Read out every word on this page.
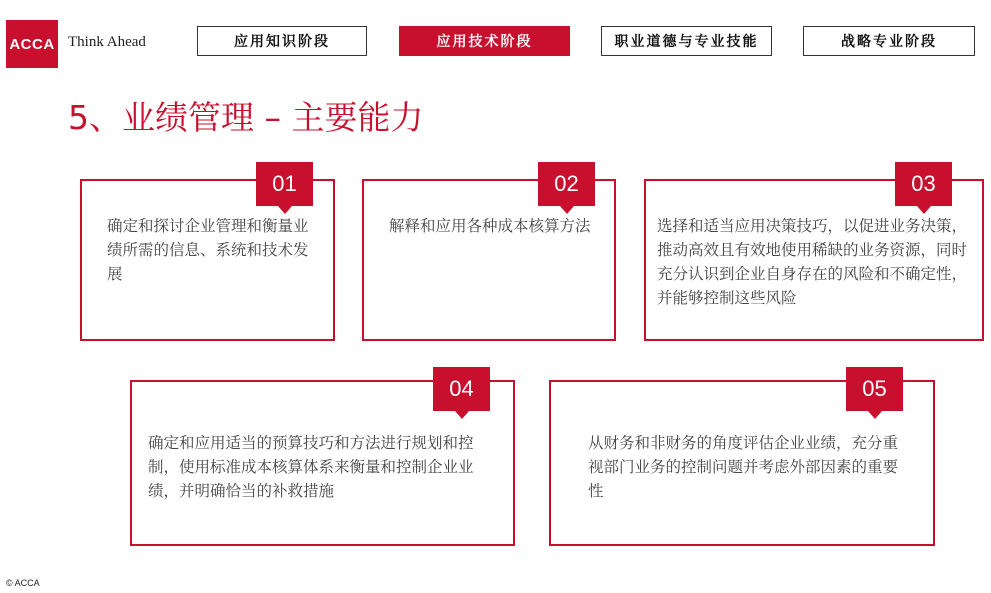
ACCA Think Ahead	应用知识阶段	应用技术阶段	职业道德与专业技能	战略专业阶段
5、业绩管理 – 主要能力
确定和探讨企业管理和衡量业绩所需的信息、系统和技术发展
01
解释和应用各种成本核算方法
02
选择和适当应用决策技巧，以促进业务决策，推动高效且有效地使用稀缺的业务资源，同时充分认识到企业自身存在的风险和不确定性，并能够控制这些风险
03
确定和应用适当的预算技巧和方法进行规划和控制，使用标准成本核算体系来衡量和控制企业业绩，并明确恰当的补救措施
04
从财务和非财务的角度评估企业业绩，充分重视部门业务的控制问题并考虑外部因素的重要性
05
© ACCA
